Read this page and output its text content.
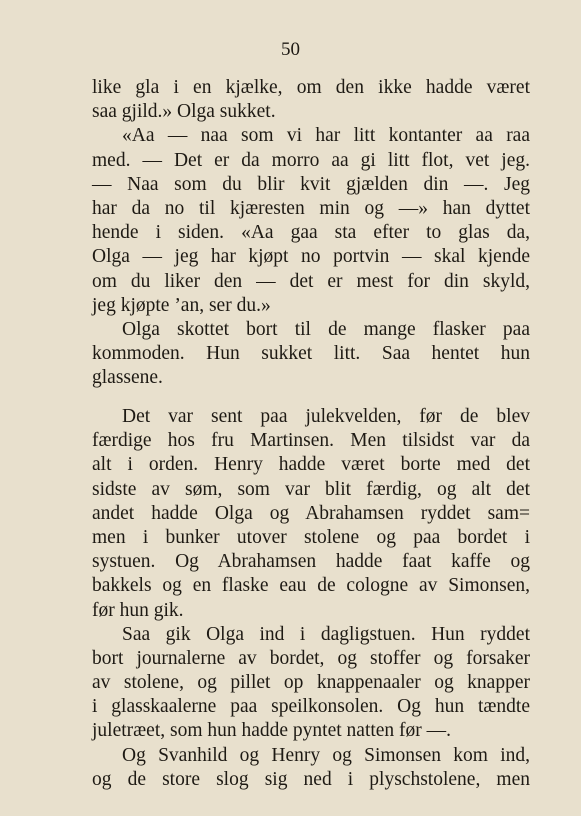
50
like gla i en kjælke, om den ikke hadde været
saa gjild.» Olga sukket.
«Aa — naa som vi har litt kontanter aa raa
med. — Det er da morro aa gi litt flot, vet jeg.
— Naa som du blir kvit gjælden din —. Jeg
har da no til kjæresten min og —» han dyttet
hende i siden. «Aa gaa sta efter to glas da,
Olga — jeg har kjøpt no portvin — skal kjende
om du liker den — det er mest for din skyld,
jeg kjøpte ’an, ser du.»
Olga skottet bort til de mange flasker paa
kommoden. Hun sukket litt. Saa hentet hun
glassene.
Det var sent paa julekvelden, før de blev
færdige hos fru Martinsen. Men tilsidst var da
alt i orden. Henry hadde været borte med det
sidste av søm, som var blit færdig, og alt det
andet hadde Olga og Abrahamsen ryddet sam=
men i bunker utover stolene og paa bordet i
systuen. Og Abrahamsen hadde faat kaffe og
bakkels og en flaske eau de cologne av Simonsen,
før hun gik.
Saa gik Olga ind i dagligstuen. Hun ryddet
bort journalerne av bordet, og stoffer og forsaker
av stolene, og pillet op knappenaaler og knapper
i glasskaalerne paa speilkonsolen. Og hun tændte
juletræet, som hun hadde pyntet natten før —.
Og Svanhild og Henry og Simonsen kom ind,
og de store slog sig ned i plyschstolene, men
